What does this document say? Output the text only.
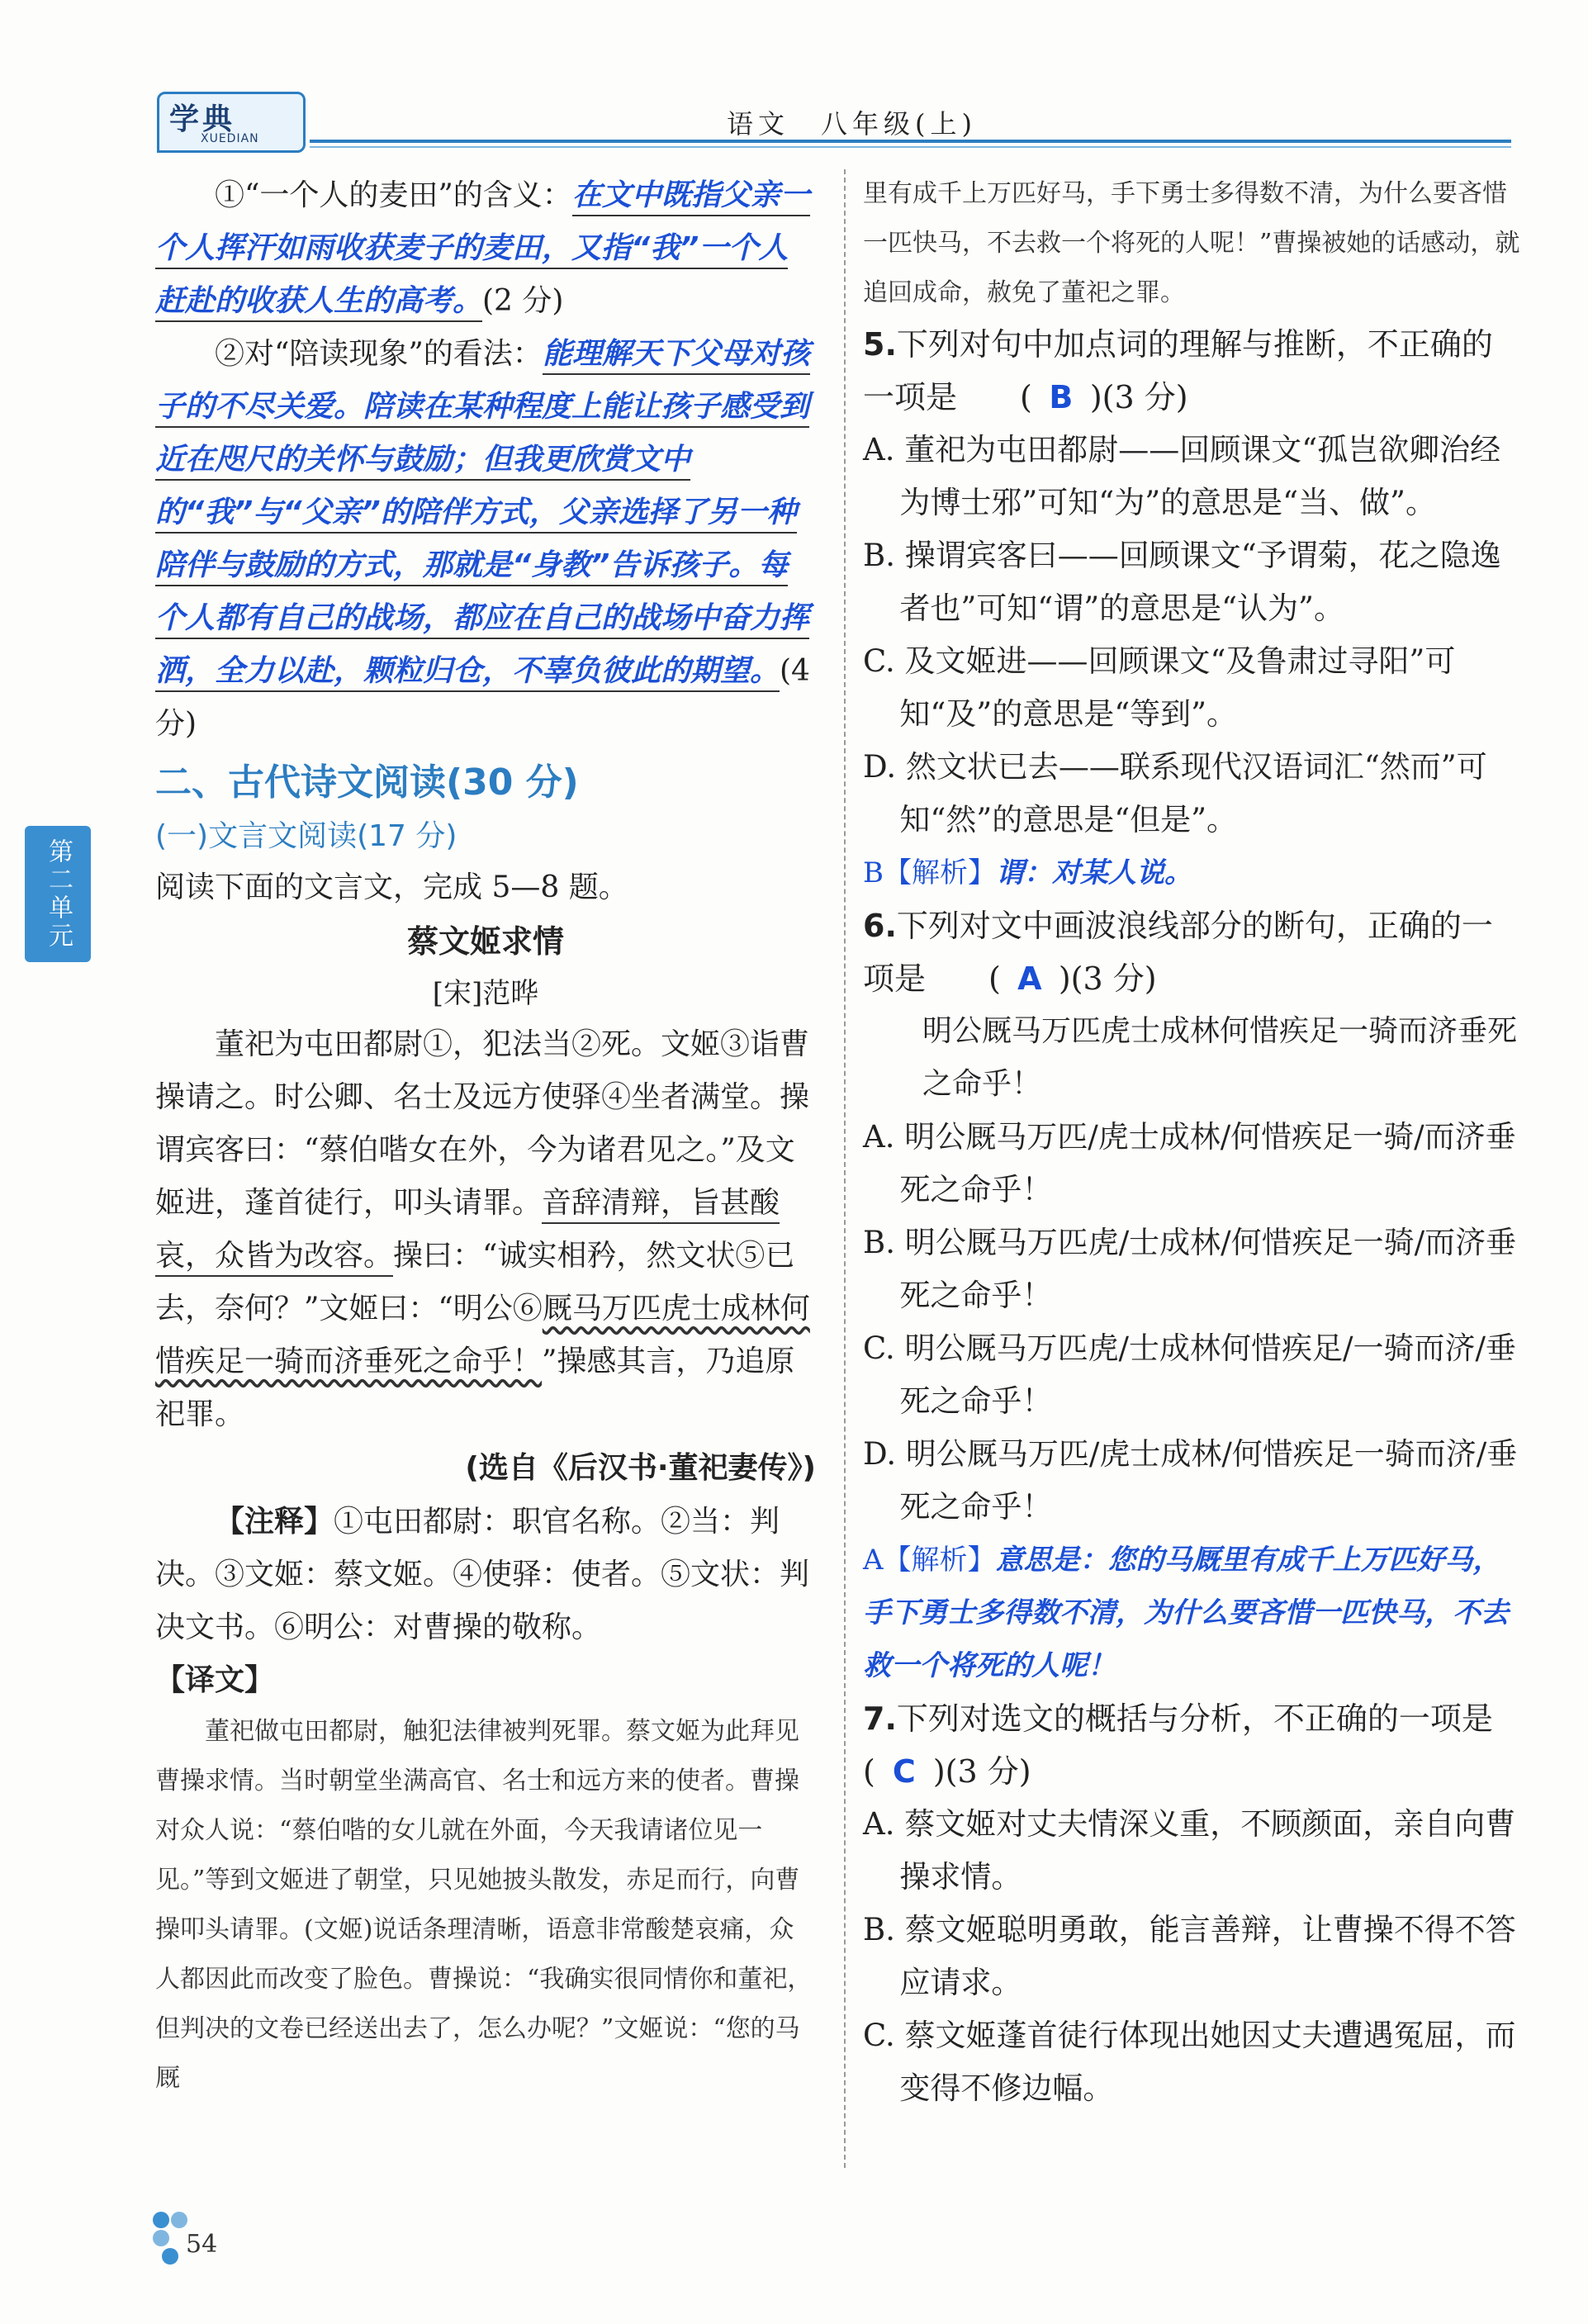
学典
XUEDIAN	语文　八年级(上)
第二单元

①“一个人的麦田”的含义：在文中既指父亲一个人挥汗如雨收获麦子的麦田，又指“我”一个人赶赴的收获人生的高考。(2 分)

②对“陪读现象”的看法：能理解天下父母对孩子的不尽关爱。陪读在某种程度上能让孩子感受到近在咫尺的关怀与鼓励；但我更欣赏文中的“我”与“父亲”的陪伴方式，父亲选择了另一种陪伴与鼓励的方式，那就是“身教”告诉孩子。每个人都有自己的战场，都应在自己的战场中奋力挥洒，全力以赴，颗粒归仓，不辜负彼此的期望。(4 分)

二、古代诗文阅读(30 分)
(一)文言文阅读(17 分)

阅读下面的文言文，完成 5—8 题。

蔡文姬求情
[宋]范晔

董祀为屯田都尉①，犯法当②死。文姬③诣曹操请之。时公卿、名士及远方使驿④坐者满堂。操谓宾客曰：“蔡伯喈女在外，今为诸君见之。”及文姬进，蓬首徒行，叩头请罪。音辞清辩，旨甚酸哀，众皆为改容。操曰：“诚实相矜，然文状⑤已去，奈何？”文姬曰：“明公⑥厩马万匹虎士成林何惜疾足一骑而济垂死之命乎！”操感其言，乃追原祀罪。

(选自《后汉书·董祀妻传》)

【注释】①屯田都尉：职官名称。②当：判决。③文姬：蔡文姬。④使驿：使者。⑤文状：判决文书。⑥明公：对曹操的敬称。

【译文】

董祀做屯田都尉，触犯法律被判死罪。蔡文姬为此拜见曹操求情。当时朝堂坐满高官、名士和远方来的使者。曹操对众人说：“蔡伯喈的女儿就在外面，今天我请诸位见一见。”等到文姬进了朝堂，只见她披头散发，赤足而行，向曹操叩头请罪。(文姬)说话条理清晰，语意非常酸楚哀痛，众人都因此而改变了脸色。曹操说：“我确实很同情你和董祀，但判决的文卷已经送出去了，怎么办呢？”文姬说：“您的马厩

里有成千上万匹好马，手下勇士多得数不清，为什么要吝惜一匹快马，不去救一个将死的人呢！”曹操被她的话感动，就追回成命，赦免了董祀之罪。

5.下列对句中加点词的理解与推断，不正确的一项是　　 ( B )(3 分)

A. 董祀为屯田都尉——回顾课文“孤岂欲卿治经为博士邪”可知“为”的意思是“当、做”。

B. 操谓宾客曰——回顾课文“予谓菊，花之隐逸者也”可知“谓”的意思是“认为”。

C. 及文姬进——回顾课文“及鲁肃过寻阳”可知“及”的意思是“等到”。

D. 然文状已去——联系现代汉语词汇“然而”可知“然”的意思是“但是”。

B【解析】谓：对某人说。

6.下列对文中画波浪线部分的断句，正确的一项是　　 ( A )(3 分)

明公厩马万匹虎士成林何惜疾足一骑而济垂死之命乎！

A. 明公厩马万匹/虎士成林/何惜疾足一骑/而济垂死之命乎！

B. 明公厩马万匹虎/士成林/何惜疾足一骑/而济垂死之命乎！

C. 明公厩马万匹虎/士成林何惜疾足/一骑而济/垂死之命乎！

D. 明公厩马万匹/虎士成林/何惜疾足一骑而济/垂死之命乎！

A【解析】意思是：您的马厩里有成千上万匹好马，手下勇士多得数不清，为什么要吝惜一匹快马，不去救一个将死的人呢！

7.下列对选文的概括与分析，不正确的一项是　　( C )(3 分)

A. 蔡文姬对丈夫情深义重，不顾颜面，亲自向曹操求情。

B. 蔡文姬聪明勇敢，能言善辩，让曹操不得不答应请求。

C. 蔡文姬蓬首徒行体现出她因丈夫遭遇冤屈，而变得不修边幅。

54
